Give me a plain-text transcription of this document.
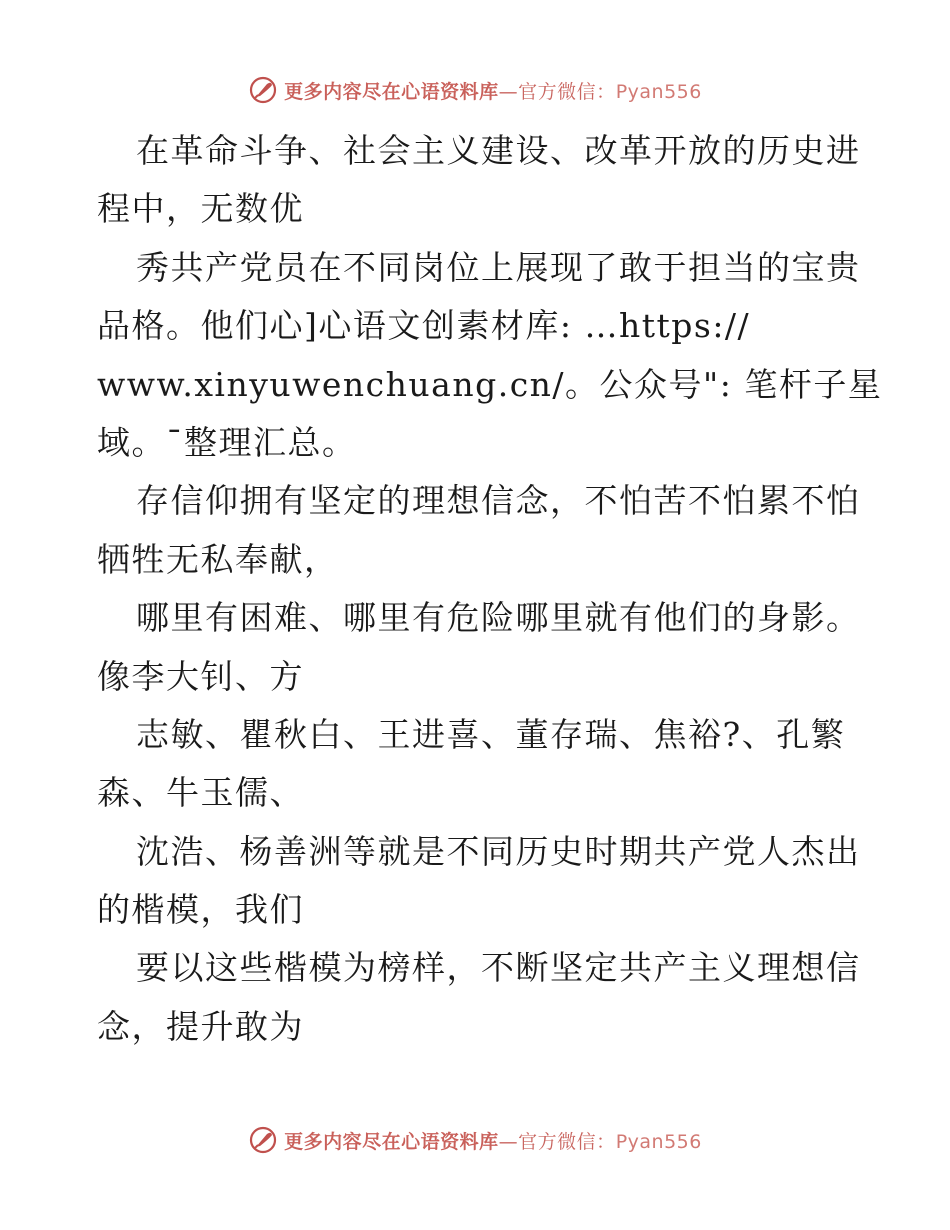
更多内容尽在心语资料库—官方微信：Pyan556
在革命斗争、社会主义建设、改革开放的历史进
程中，无数优
秀共产党员在不同岗位上展现了敢于担当的宝贵
品格。他们心]心语文创素材库: …https://
www.xinyuwenchuang.cn/。公众号": 笔杆子星
域。¯整理汇总。
存信仰拥有坚定的理想信念，不怕苦不怕累不怕
牺牲无私奉献，
哪里有困难、哪里有危险哪里就有他们的身影。
像李大钊、方
志敏、瞿秋白、王进喜、董存瑞、焦裕?、孔繁
森、牛玉儒、
沈浩、杨善洲等就是不同历史时期共产党人杰出
的楷模，我们
要以这些楷模为榜样，不断坚定共产主义理想信
念，提升敢为
更多内容尽在心语资料库—官方微信：Pyan556
